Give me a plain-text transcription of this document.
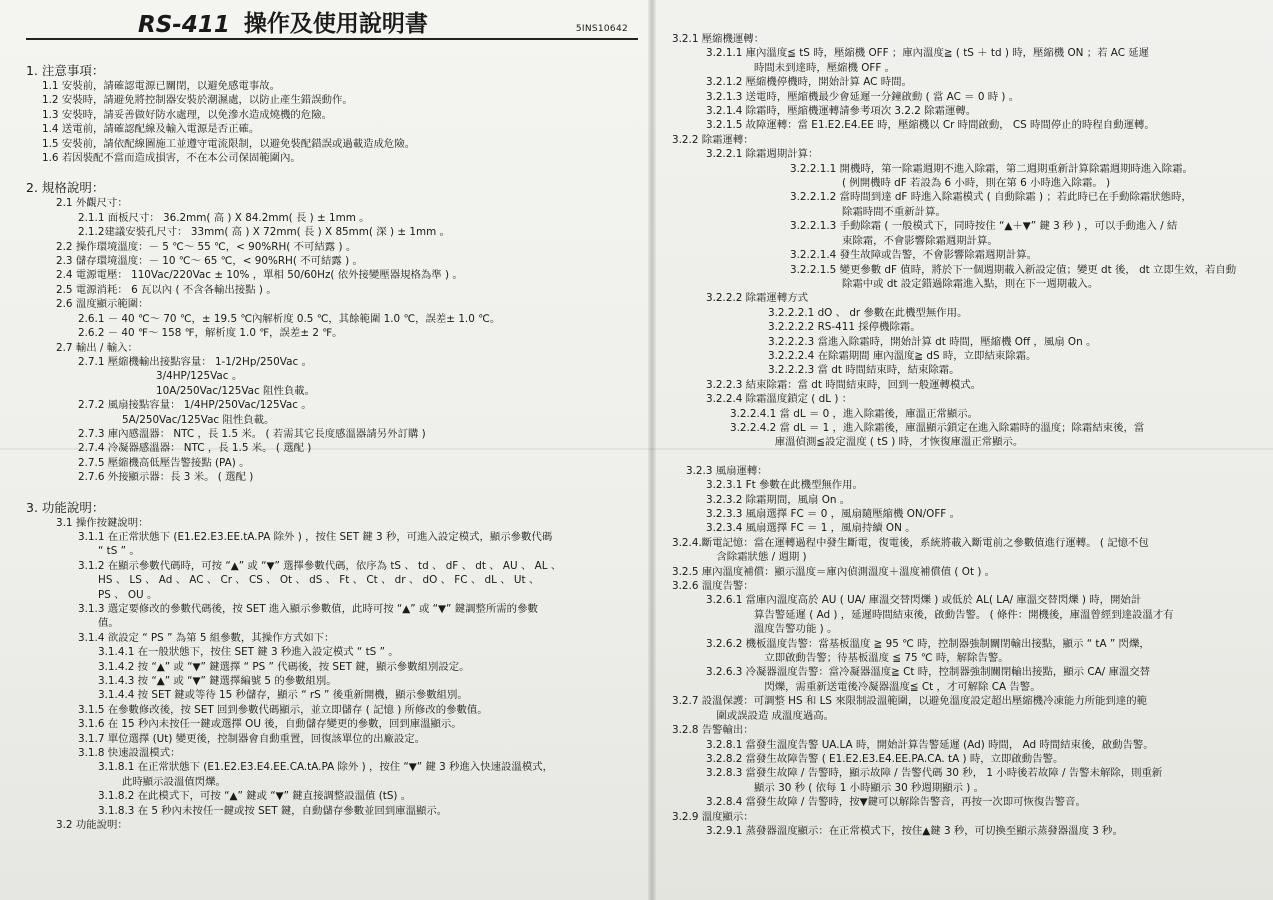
RS-411 操作及使用說明書	5INS10642
1. 注意事項：
1.1 安裝前，請確認電源已關閉，以避免感電事故。
1.2 安裝時，請避免將控制器安裝於潮濕處，以防止產生錯誤動作。
1.3 安裝時，請妥善做好防水處理，以免滲水造成燒機的危險。
1.4 送電前，請確認配線及輸入電源是否正確。
1.5 安裝前，請依配線圖施工並遵守電流限制，以避免裝配錯誤或過載造成危險。
1.6 若因裝配不當而造成損害，不在本公司保固範圍內。
2. 規格說明：
2.1 外觀尺寸：
2.1.1 面板尺寸： 36.2mm( 高 ) X 84.2mm( 長 ) ± 1mm 。
2.1.2建議安裝孔尺寸： 33mm( 高 ) X 72mm( 長 ) X 85mm( 深 ) ± 1mm 。
2.2 操作環境溫度：－ 5 ℃～ 55 ℃，< 90%RH( 不可結露 ) 。
2.3 儲存環境溫度：－ 10 ℃～ 65 ℃，< 90%RH( 不可結露 ) 。
2.4 電源電壓： 110Vac/220Vac ± 10% ，單相 50/60Hz( 依外接變壓器規格為準 ) 。
2.5 電源消耗： 6 瓦以內 ( 不含各輸出接點 ) 。
2.6 溫度顯示範圍：
2.6.1 － 40 ℃～ 70 ℃，± 19.5 ℃內解析度 0.5 ℃，其餘範圍 1.0 ℃，誤差± 1.0 ℃。
2.6.2 － 40 ℉～ 158 ℉，解析度 1.0 ℉，誤差± 2 ℉。
2.7 輸出 / 輸入：
2.7.1 壓縮機輸出接點容量： 1-1/2Hp/250Vac 。
3/4HP/125Vac 。
10A/250Vac/125Vac 阻性負載。
2.7.2 風扇接點容量： 1/4HP/250Vac/125Vac 。
5A/250Vac/125Vac 阻性負載。
2.7.3 庫內感溫器： NTC ，長 1.5 米。 ( 若需其它長度感溫器請另外訂購 )
2.7.4 冷凝器感溫器： NTC ，長 1.5 米。 ( 選配 )
2.7.5 壓縮機高低壓告警接點 (PA) 。
2.7.6 外接顯示器：長 3 米。 ( 選配 )
3. 功能說明：
3.1 操作按鍵說明：
3.1.1 在正常狀態下 (E1.E2.E3.EE.tA.PA 除外 ) ，按住 SET 鍵 3 秒，可進入設定模式，顯示參數代碼
“ tS ” 。
3.1.2 在顯示參數代碼時，可按 “▲” 或 “▼” 選擇參數代碼，依序為 tS 、 td 、 dF 、 dt 、 AU 、 AL 、
HS 、 LS 、 Ad 、 AC 、 Cr 、 CS 、 Ot 、 dS 、 Ft 、 Ct 、 dr 、 dO 、 FC 、 dL 、 Ut 、
PS 、 OU 。
3.1.3 選定要修改的參數代碼後，按 SET 進入顯示參數值，此時可按 “▲” 或 “▼” 鍵調整所需的參數
值。
3.1.4 欲設定 “ PS ” 為第 5 組參數，其操作方式如下：
3.1.4.1 在一般狀態下，按住 SET 鍵 3 秒進入設定模式 “ tS ” 。
3.1.4.2 按 “▲” 或 “▼” 鍵選擇 “ PS ” 代碼後，按 SET 鍵，顯示參數組別設定。
3.1.4.3 按 “▲” 或 “▼” 鍵選擇編號 5 的參數組別。
3.1.4.4 按 SET 鍵或等待 15 秒儲存，顯示 “ rS ” 後重新開機，顯示參數組別。
3.1.5 在參數修改後，按 SET 回到參數代碼顯示，並立即儲存 ( 記憶 ) 所修改的參數值。
3.1.6 在 15 秒內未按任一鍵或選擇 OU 後，自動儲存變更的參數，回到庫溫顯示。
3.1.7 單位選擇 (Ut) 變更後，控制器會自動重置，回復該單位的出廠設定。
3.1.8 快速設溫模式：
3.1.8.1 在正常狀態下 (E1.E2.E3.E4.EE.CA.tA.PA 除外 ) ，按住 “▼” 鍵 3 秒進入快速設溫模式，
此時顯示設溫值閃爍。
3.1.8.2 在此模式下，可按 “▲” 鍵或 “▼” 鍵直接調整設溫值 (tS) 。
3.1.8.3 在 5 秒內未按任一鍵或按 SET 鍵，自動儲存參數並回到庫溫顯示。
3.2 功能說明：
3.2.1 壓縮機運轉：
3.2.1.1 庫內溫度≦ tS 時，壓縮機 OFF ；庫內溫度≧ ( tS ＋ td ) 時，壓縮機 ON ；若 AC 延遲
時間未到達時，壓縮機 OFF 。
3.2.1.2 壓縮機停機時，開始計算 AC 時間。
3.2.1.3 送電時，壓縮機最少會延遲一分鐘啟動 ( 當 AC ＝ 0 時 ) 。
3.2.1.4 除霜時，壓縮機運轉請參考項次 3.2.2 除霜運轉。
3.2.1.5 故障運轉：當 E1.E2.E4.EE 時，壓縮機以 Cr 時間啟動， CS 時間停止的時程自動運轉。
3.2.2 除霜運轉：
3.2.2.1 除霜週期計算：
3.2.2.1.1 開機時，第一除霜週期不進入除霜，第二週期重新計算除霜週期時進入除霜。
　　　　　( 例開機時 dF 若設為 6 小時，則在第 6 小時進入除霜。 )
3.2.2.1.2 當時間到達 dF 時進入除霜模式 ( 自動除霜 ) ；若此時已在手動除霜狀態時，
　　　　　除霜時間不重新計算。
3.2.2.1.3 手動除霜 ( 一般模式下，同時按住 “▲＋▼” 鍵 3 秒 ) ，可以手動進入 / 結
　　　　　束除霜，不會影響除霜週期計算。
3.2.2.1.4 發生故障或告警，不會影響除霜週期計算。
3.2.2.1.5 變更參數 dF 值時，將於下一個週期載入新設定值；變更 dt 後， dt 立即生效，若自動
　　　　　除霜中或 dt 設定錯過除霜進入點，則在下一週期載入。
3.2.2.2 除霜運轉方式
3.2.2.2.1 dO 、 dr 參數在此機型無作用。
3.2.2.2.2 RS-411 採停機除霜。
3.2.2.2.3 當進入除霜時，開始計算 dt 時間，壓縮機 Off ，風扇 On 。
3.2.2.2.4 在除霜期間 庫內溫度≧ dS 時，立即結束除霜。
3.2.2.2.3 當 dt 時間結束時，結束除霜。
3.2.2.3 結束除霜：當 dt 時間結束時，回到一般運轉模式。
3.2.2.4 除霜溫度鎖定 ( dL ) ：
3.2.2.4.1 當 dL ＝ 0 ，進入除霜後，庫溫正常顯示。
3.2.2.4.2 當 dL ＝ 1 ，進入除霜後，庫溫顯示鎖定在進入除霜時的溫度；除霜結束後，當
　　庫溫偵測≦設定溫度 ( tS ) 時，才恢復庫溫正常顯示。
3.2.3 風扇運轉：
3.2.3.1 Ft 參數在此機型無作用。
3.2.3.2 除霜期間，風扇 On 。
3.2.3.3 風扇選擇 FC ＝ 0 ，風扇隨壓縮機 ON/OFF 。
3.2.3.4 風扇選擇 FC ＝ 1 ，風扇持續 ON 。
3.2.4.斷電記憶：當在運轉過程中發生斷電，復電後，系統將載入斷電前之參數值進行運轉。 ( 記憶不包
　含除霜狀態 / 週期 )
3.2.5 庫內溫度補償：顯示溫度＝庫內偵測溫度＋溫度補償值 ( Ot ) 。
3.2.6 溫度告警：
3.2.6.1 當庫內溫度高於 AU ( UA/ 庫溫交替閃爍 ) 或低於 AL( LA/ 庫溫交替閃爍 ) 時，開始計
算告警延遲 ( Ad ) ，延遲時間結束後，啟動告警。 ( 條件：開機後，庫溫曾經到達設溫才有
溫度告警功能 ) 。
3.2.6.2 機板溫度告警：當基板溫度 ≧ 95 ℃ 時，控制器強制關閉輸出接點，顯示 “ tA ” 閃爍，
　立即啟動告警；待基板溫度 ≦ 75 ℃ 時，解除告警。
3.2.6.3 冷凝器溫度告警：當冷凝器溫度≧ Ct 時，控制器強制關閉輸出接點，顯示 CA/ 庫溫交替
　閃爍，需重新送電後冷凝器溫度≦ Ct ，才可解除 CA 告警。
3.2.7 設溫保護：可調整 HS 和 LS 來限制設溫範圍，以避免溫度設定超出壓縮機冷凍能力所能到達的範
　圍或誤設造 成溫度過高。
3.2.8 告警輸出：
3.2.8.1 當發生溫度告警 UA.LA 時，開始計算告警延遲 (Ad) 時間， Ad 時間結束後，啟動告警。
3.2.8.2 當發生故障告警 ( E1.E2.E3.E4.EE.PA.CA. tA ) 時，立即啟動告警。
3.2.8.3 當發生故障 / 告警時，顯示故障 / 告警代碼 30 秒， 1 小時後若故障 / 告警未解除，則重新
顯示 30 秒 ( 依每 1 小時顯示 30 秒週期顯示 ) 。
3.2.8.4 當發生故障 / 告警時，按▼鍵可以解除告警音，再按一次即可恢復告警音。
3.2.9 溫度顯示：
3.2.9.1 蒸發器溫度顯示：在正常模式下，按住▲鍵 3 秒，可切換至顯示蒸發器溫度 3 秒。
